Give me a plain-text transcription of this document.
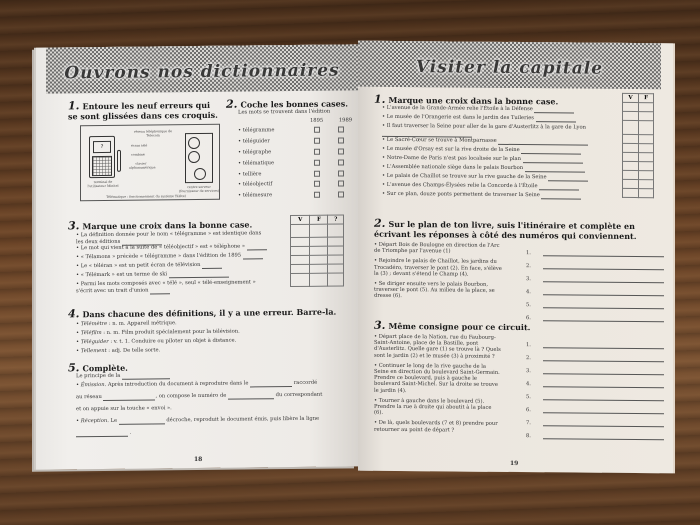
Ouvrons nos dictionnaires
1. Entoure les neuf erreurs qui se sont glissées dans ces croquis.
réseau téléphonique de Telecom
?	écran télé
combiné
clavier alphanumérique
terminal de l'utilisateur Minitel	centre serveur (fournisseur de services)
Télématique : fonctionnement du système Télétel
2. Coche les bonnes cases.
Les mots se trouvent dans l'édition
1895	1989
• télégramme
• téléguider
• télégraphe
• télématique
• tellière
• téléobjectif
• télémesure
3. Marque une croix dans la bonne case.
• La définition donnée pour le nom « télégramme » est identique dans les deux éditions
• Le mot qui vient à la suite de « téléobjectif » est « téléphone »
• « Télamons » précède « télégramme » dans l'édition de 1895
• Le « téléran » est un petit écran de télévision
• « Télémark » est un terme de ski
• Parmi les mots composés avec « télé », seul « télé-enseignement » s'écrit avec un trait d'union
V	F	?

4. Dans chacune des définitions, il y a une erreur. Barre-la.
• Télémètre : n. m. Appareil métrique.
• Téléfilm : n. m. Film produit spécialement pour la télévision.
• Téléguider : v. t. 1. Conduire ou piloter un objet à distance.
• Tellement : adj. De telle sorte.
5. Complète.
Le principe de la
• Émission. Après introduction du document à reproduire dans le	raccordé
au réseau	, on compose le numéro de	du correspondant
et on appuie sur la touche « envoi ».
• Réception. Le	décroche, reproduit le document émis, puis libère la ligne
.
18
Visiter la capitale
1. Marque une croix dans la bonne case.
• L'avenue de la Grande-Armée relie l'Étoile à la Défense
• Le musée de l'Orangerie est dans le jardin des Tuileries
• Il faut traverser la Seine pour aller de la gare d'Austerlitz à la gare de Lyon
• Le Sacré-Cœur se trouve à Montparnasse
• Le musée d'Orsay est sur la rive droite de la Seine
• Notre-Dame de Paris n'est pas localisée sur le plan
• L'Assemblée nationale siège dans le palais Bourbon
• Le palais de Chaillot se trouve sur la rive gauche de la Seine
• L'avenue des Champs-Élysées relie la Concorde à l'Étoile
• Sur ce plan, douze ponts permettent de traverser la Seine
V	F

2. Sur le plan de ton livre, suis l'itinéraire et complète en écrivant les réponses à côté des numéros qui conviennent.
• Départ Bois de Boulogne en direction de l'Arc de Triomphe par l'avenue (1)
• Rejoindre le palais de Chaillot, les jardins du Trocadéro, traverser le pont (2). En face, s'élève la (3) ; devant s'étend le Champ (4).
• Se diriger ensuite vers le palais Bourbon, traverser le pont (5). Au milieu de la place, se dresse (6).
1.
2.
3.
4.
5.
6.
3. Même consigne pour ce circuit.
• Départ place de la Nation, rue du Faubourg-Saint-Antoine, place de la Bastille, pont d'Austerlitz. Quelle gare (1) se trouve là ? Quels sont le jardin (2) et le musée (3) à proximité ?
• Continuer le long de la rive gauche de la Seine en direction du boulevard Saint-Germain. Prendre ce boulevard, puis à gauche le boulevard Saint-Michel. Sur la droite se trouve le jardin (4).
• Tourner à gauche dans le boulevard (5). Prendre la rue à droite qui aboutit à la place (6).
• De là, quels boulevards (7 et 8) prendre pour retourner au point de départ ?
1.
2.
3.
4.
5.
6.
7.
8.
19
